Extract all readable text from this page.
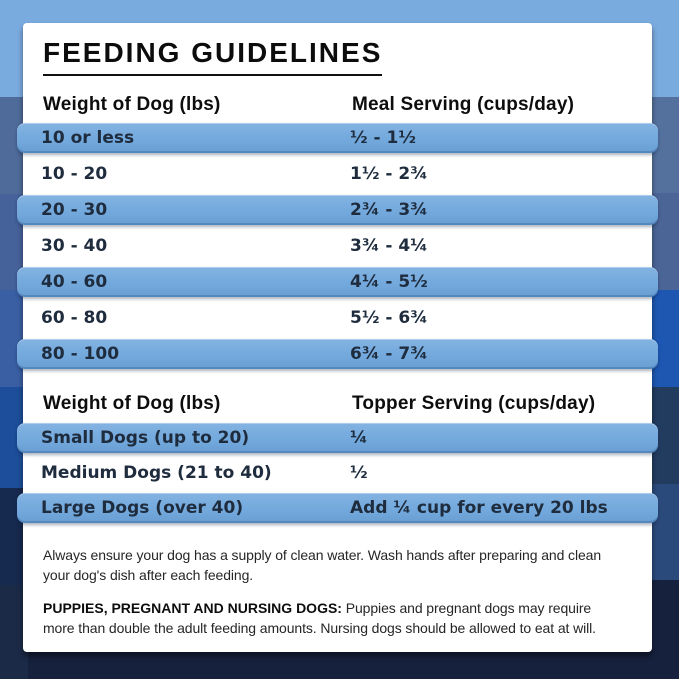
FEEDING GUIDELINES
Weight of Dog (lbs)	Meal Serving (cups/day)
10 or less	½ - 1½
10 - 20	1½ - 2¾
20 - 30	2¾ - 3¾
30 - 40	3¾ - 4¼
40 - 60	4¼ - 5½
60 - 80	5½ - 6¾
80 - 100	6¾ - 7¾
Weight of Dog (lbs)	Topper Serving (cups/day)
Small Dogs (up to 20)	¼
Medium Dogs (21 to 40)	½
Large Dogs (over 40)	Add ¼ cup for every 20 lbs

Always ensure your dog has a supply of clean water. Wash hands after preparing and clean your dog's dish after each feeding.

PUPPIES, PREGNANT AND NURSING DOGS: Puppies and pregnant dogs may require more than double the adult feeding amounts. Nursing dogs should be allowed to eat at will.
